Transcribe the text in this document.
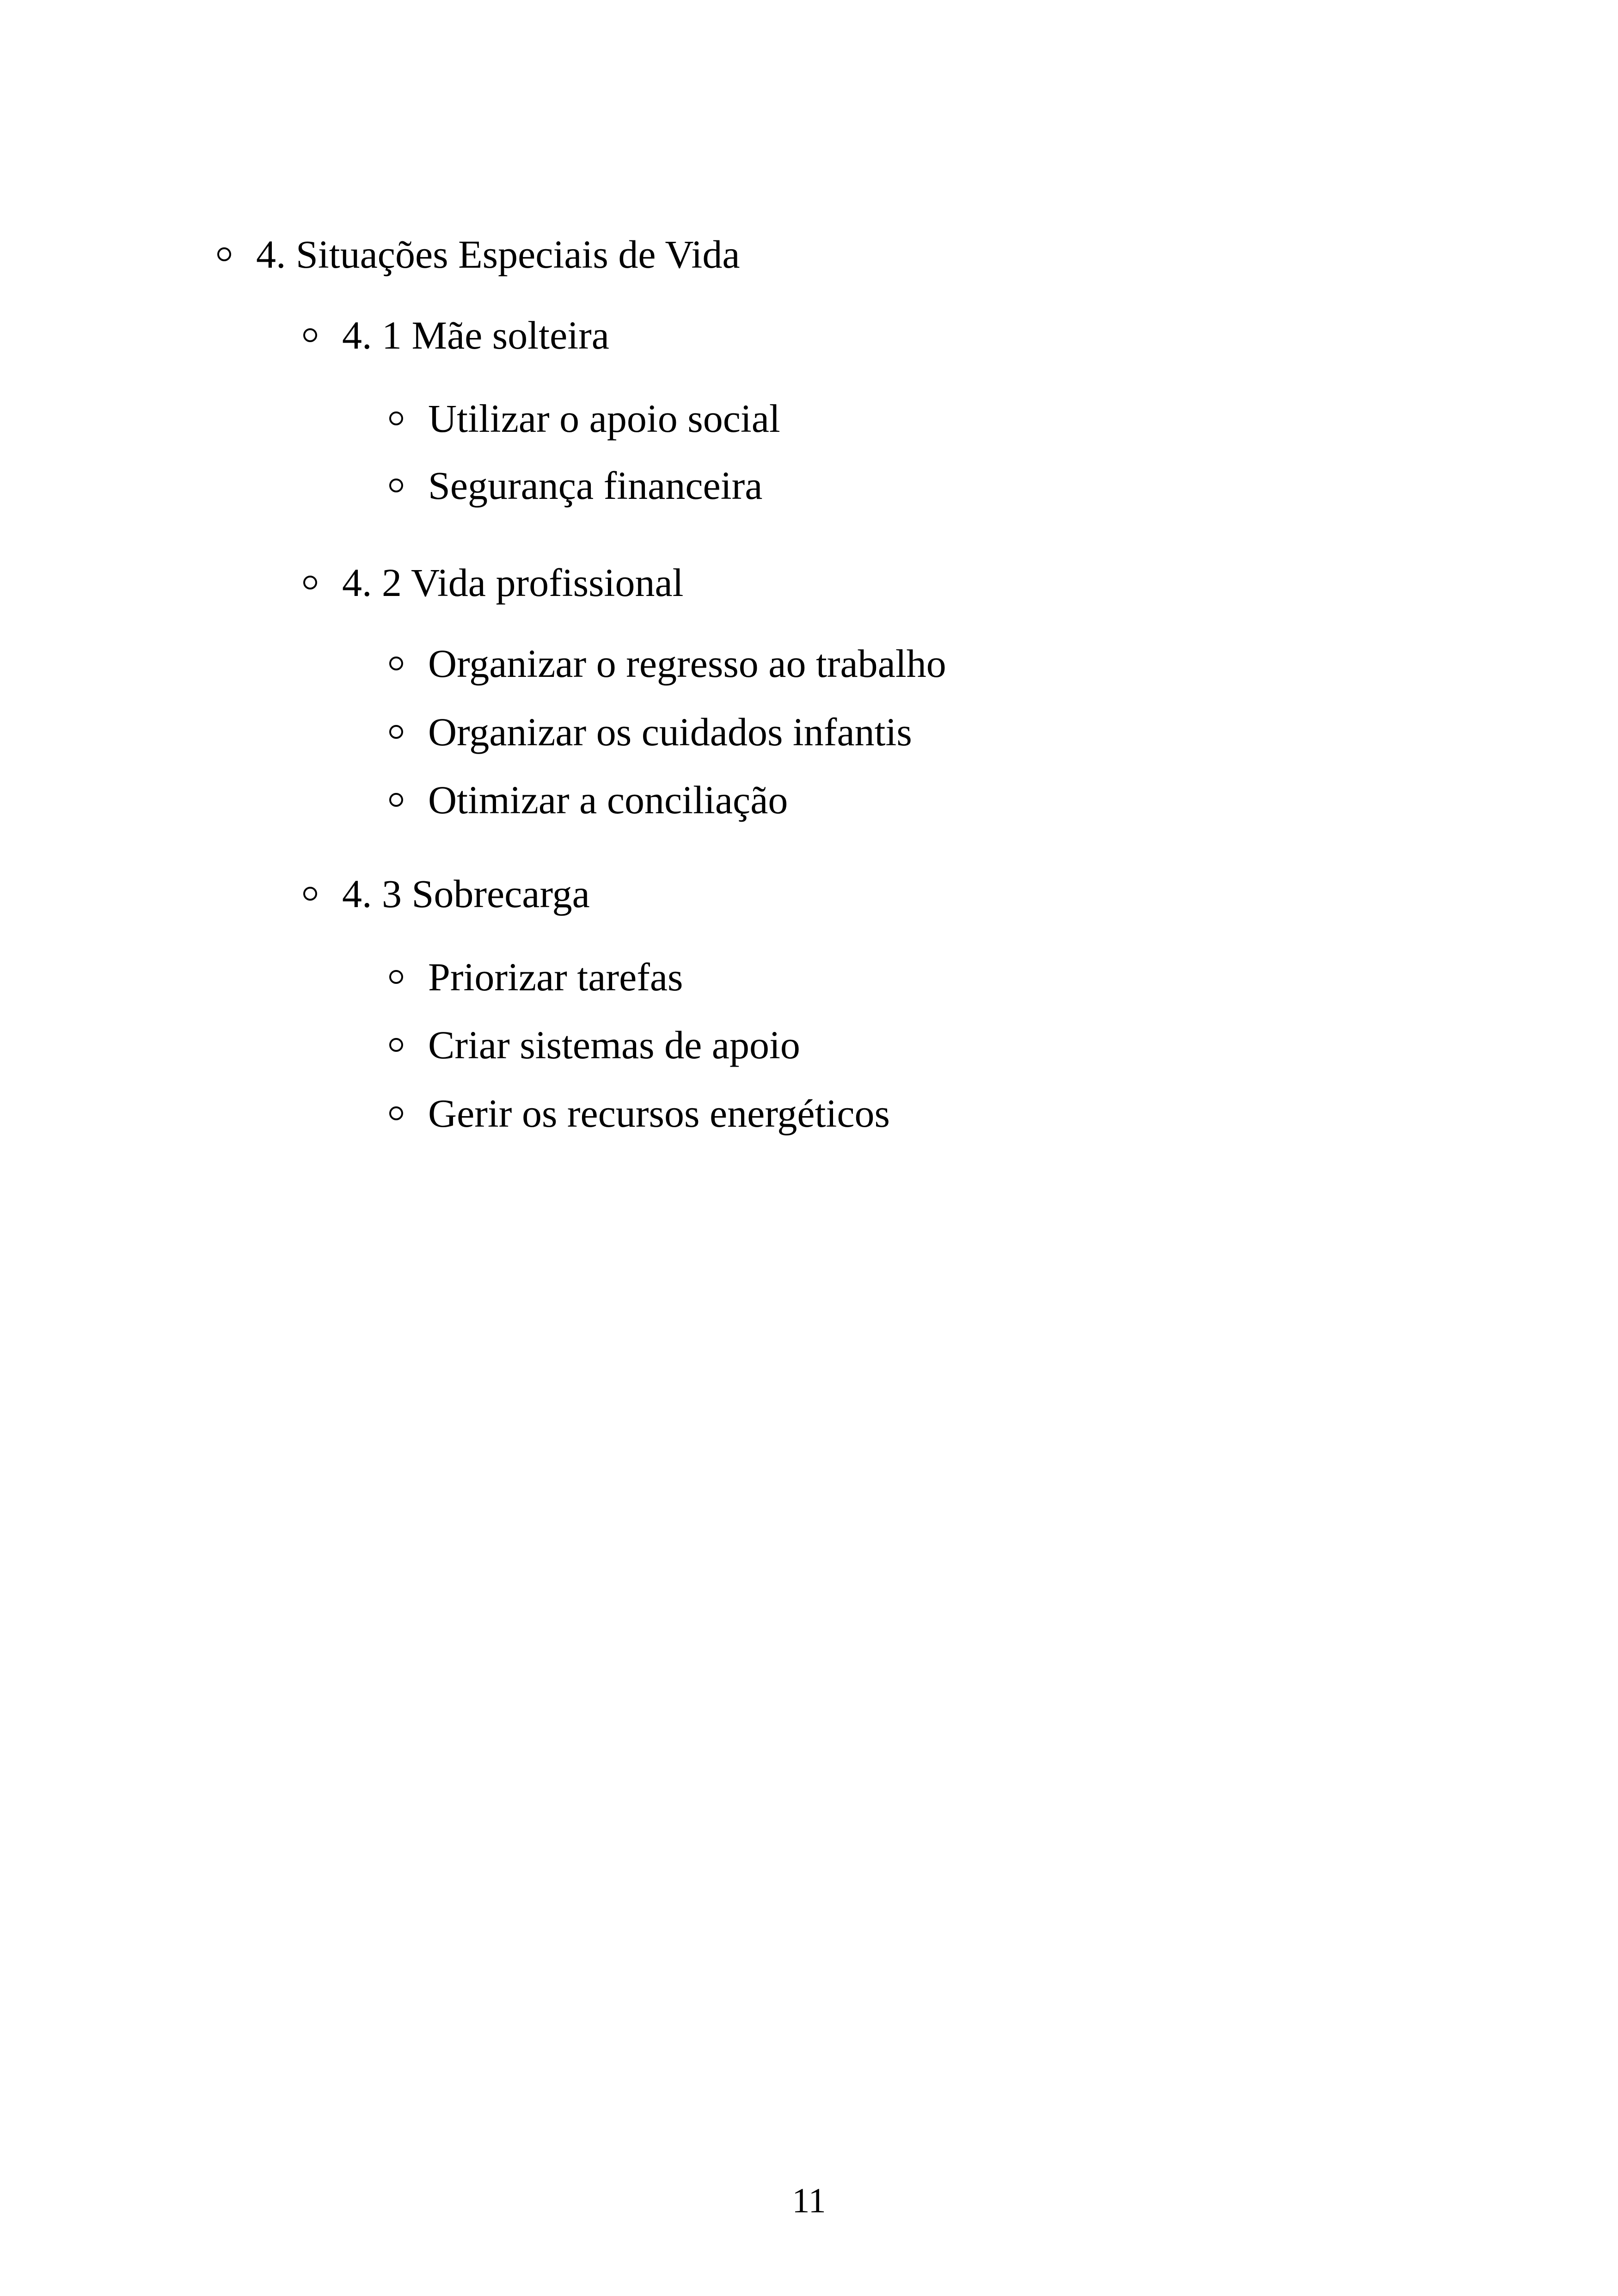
4. Situações Especiais de Vida
4. 1 Mãe solteira
Utilizar o apoio social
Segurança financeira
4. 2 Vida profissional
Organizar o regresso ao trabalho
Organizar os cuidados infantis
Otimizar a conciliação
4. 3 Sobrecarga
Priorizar tarefas
Criar sistemas de apoio
Gerir os recursos energéticos
11
